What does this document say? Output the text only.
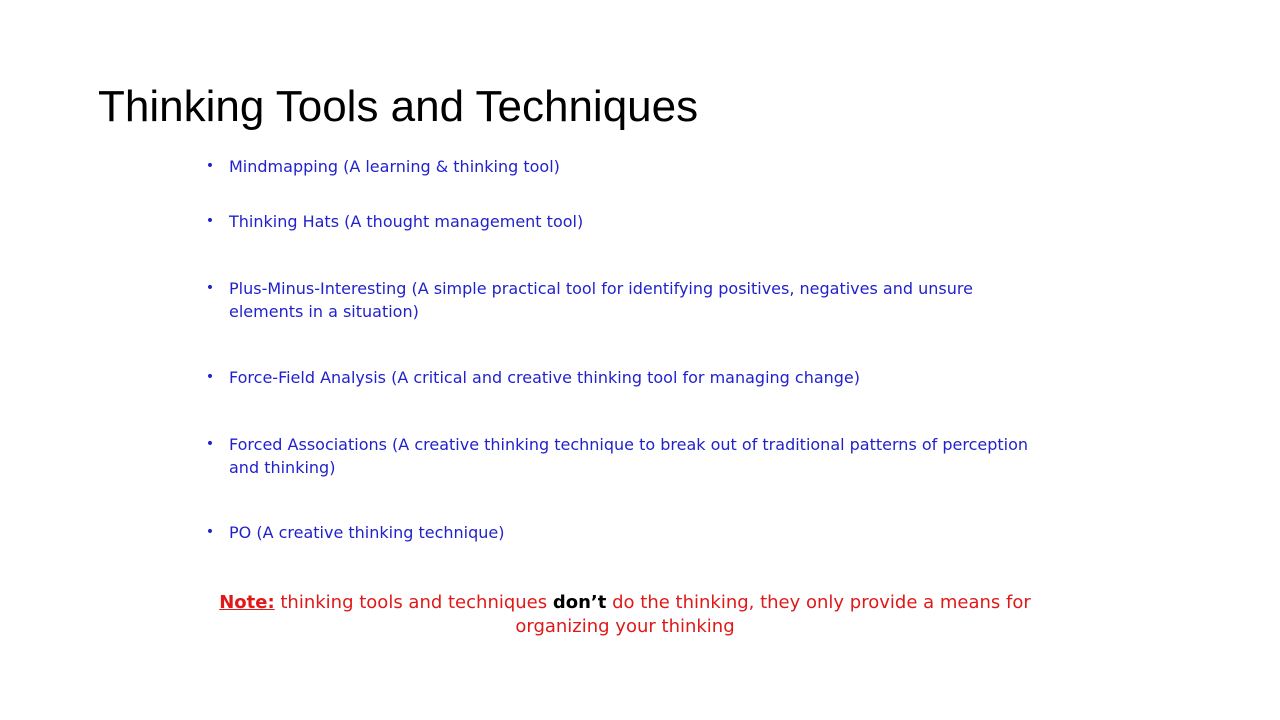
Thinking Tools and Techniques
• Mindmapping (A learning & thinking tool)
• Thinking Hats (A thought management tool)
• Plus-Minus-Interesting (A simple practical tool for identifying positives, negatives and unsure elements in a situation)
• Force-Field Analysis (A critical and creative thinking tool for managing change)
• Forced Associations (A creative thinking technique to break out of traditional patterns of perception and thinking)
• PO (A creative thinking technique)

Note: thinking tools and techniques don’t do the thinking, they only provide a means for organizing your thinking
